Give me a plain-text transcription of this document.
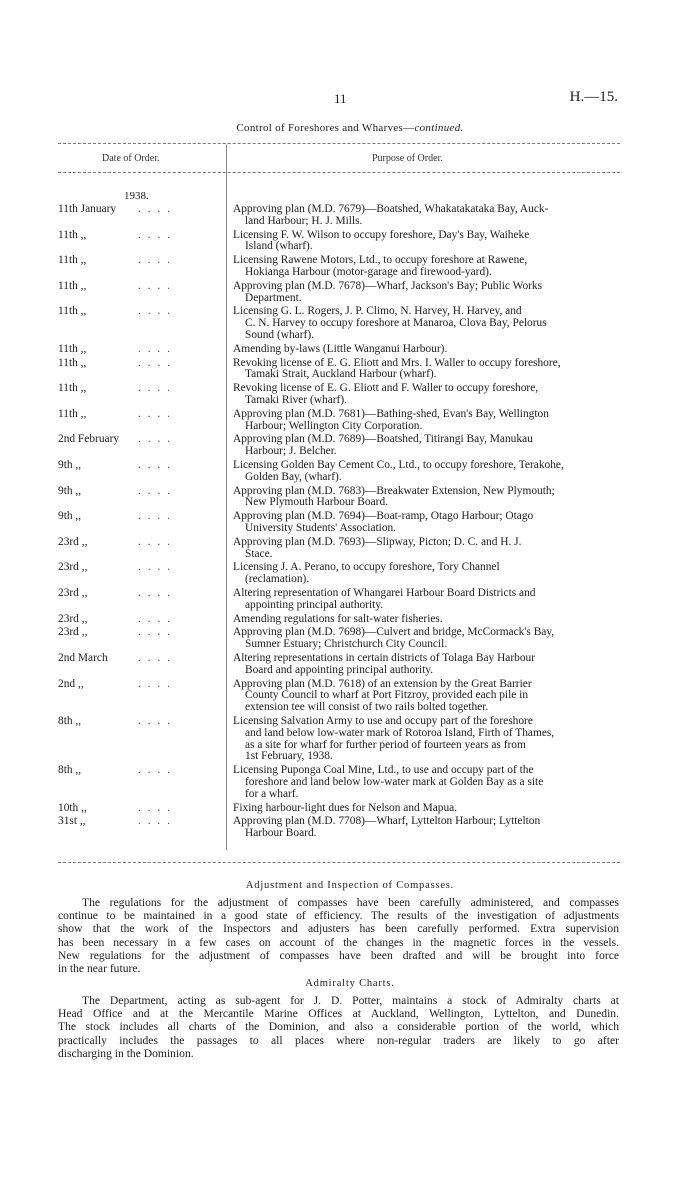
11	H.—15.
Control of Foreshores and Wharves—continued.
Date of Order.	Purpose of Order.
1938.
11th January . . . .	Approving plan (M.D. 7679)—Boatshed, Whakatakataka Bay, Auck-
land Harbour; H. J. Mills.
11th ,,	. . . .	Licensing F. W. Wilson to occupy foreshore, Day's Bay, Waiheke
Island (wharf).
11th ,,	. . . .	Licensing Rawene Motors, Ltd., to occupy foreshore at Rawene,
Hokianga Harbour (motor-garage and firewood-yard).
11th ,,	. . . .	Approving plan (M.D. 7678)—Wharf, Jackson's Bay; Public Works
Department.
11th ,,	. . . .	Licensing G. L. Rogers, J. P. Climo, N. Harvey, H. Harvey, and
C. N. Harvey to occupy foreshore at Manaroa, Clova Bay, Pelorus
Sound (wharf).
11th ,,	. . . .	Amending by-laws (Little Wanganui Harbour).
11th ,,	. . . .	Revoking license of E. G. Eliott and Mrs. I. Waller to occupy foreshore,
Tamaki Strait, Auckland Harbour (wharf).
11th ,,	. . . .	Revoking license of E. G. Eliott and F. Waller to occupy foreshore,
Tamaki River (wharf).
11th ,,	. . . .	Approving plan (M.D. 7681)—Bathing-shed, Evan's Bay, Wellington
Harbour; Wellington City Corporation.
2nd February . . . .	Approving plan (M.D. 7689)—Boatshed, Titirangi Bay, Manukau
Harbour; J. Belcher.
9th ,,	. . . .	Licensing Golden Bay Cement Co., Ltd., to occupy foreshore, Terakohe,
Golden Bay, (wharf).
9th ,,	. . . .	Approving plan (M.D. 7683)—Breakwater Extension, New Plymouth;
New Plymouth Harbour Board.
9th ,,	. . . .	Approving plan (M.D. 7694)—Boat-ramp, Otago Harbour; Otago
University Students' Association.
23rd ,,	. . . .	Approving plan (M.D. 7693)—Slipway, Picton; D. C. and H. J.
Stace.
23rd ,,	. . . .	Licensing J. A. Perano, to occupy foreshore, Tory Channel
(reclamation).
23rd ,,	. . . .	Altering representation of Whangarei Harbour Board Districts and
appointing principal authority.
23rd ,,	. . . .	Amending regulations for salt-water fisheries.
23rd ,,	. . . .	Approving plan (M.D. 7698)—Culvert and bridge, McCormack's Bay,
Sumner Estuary; Christchurch City Council.
2nd March	. . . .	Altering representations in certain districts of Tolaga Bay Harbour
Board and appointing principal authority.
2nd ,,	. . . .	Approving plan (M.D. 7618) of an extension by the Great Barrier
County Council to wharf at Port Fitzroy, provided each pile in
extension tee will consist of two rails bolted together.
8th ,,	. . . .	Licensing Salvation Army to use and occupy part of the foreshore
and land below low-water mark of Rotoroa Island, Firth of Thames,
as a site for wharf for further period of fourteen years as from
1st February, 1938.
8th ,,	. . . .	Licensing Puponga Coal Mine, Ltd., to use and occupy part of the
foreshore and land below low-water mark at Golden Bay as a site
for a wharf.
10th ,,	. . . .	Fixing harbour-light dues for Nelson and Mapua.
31st ,,	. . . .	Approving plan (M.D. 7708)—Wharf, Lyttelton Harbour; Lyttelton
Harbour Board.
Adjustment and Inspection of Compasses.
The regulations for the adjustment of compasses have been carefully administered, and compasses
continue to be maintained in a good state of efficiency. The results of the investigation of adjustments
show that the work of the Inspectors and adjusters has been carefully performed. Extra supervision
has been necessary in a few cases on account of the changes in the magnetic forces in the vessels.
New regulations for the adjustment of compasses have been drafted and will be brought into force
in the near future.
Admiralty Charts.
The Department, acting as sub-agent for J. D. Potter, maintains a stock of Admiralty charts at
Head Office and at the Mercantile Marine Offices at Auckland, Wellington, Lyttelton, and Dunedin.
The stock includes all charts of the Dominion, and also a considerable portion of the world, which
practically includes the passages to all places where non-regular traders are likely to go after
discharging in the Dominion.
